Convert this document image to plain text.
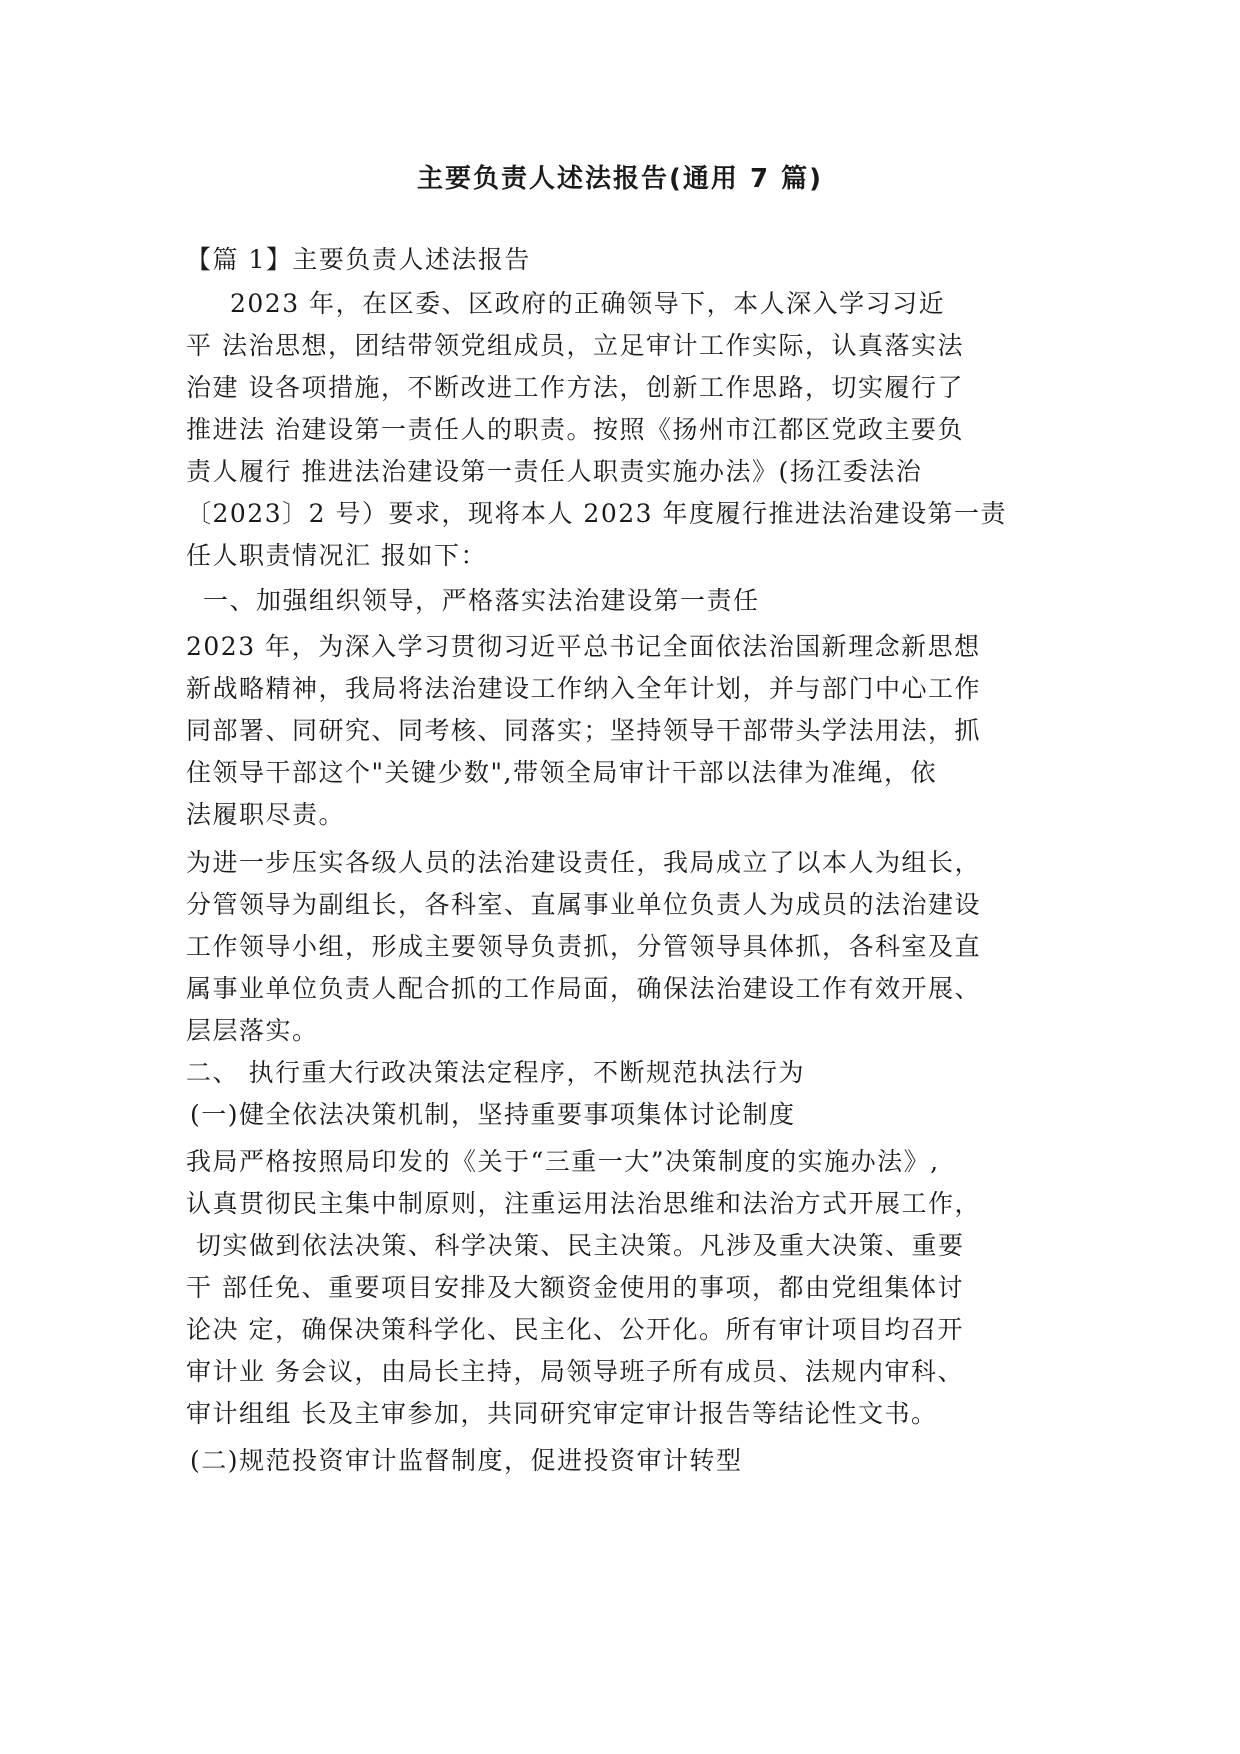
主要负责人述法报告(通用 7 篇)
【篇 1】主要负责人述法报告
2023 年，在区委、区政府的正确领导下，本人深入学习习近
平 法治思想，团结带领党组成员，立足审计工作实际，认真落实法
治建 设各项措施，不断改进工作方法，创新工作思路，切实履行了
推进法 治建设第一责任人的职责。按照《扬州市江都区党政主要负
责人履行 推进法治建设第一责任人职责实施办法》(扬江委法治
〔2023〕2 号）要求，现将本人 2023 年度履行推进法治建设第一责
任人职责情况汇 报如下：
一、加强组织领导，严格落实法治建设第一责任
2023 年，为深入学习贯彻习近平总书记全面依法治国新理念新思想
新战略精神，我局将法治建设工作纳入全年计划，并与部门中心工作
同部署、同研究、同考核、同落实；坚持领导干部带头学法用法，抓
住领导干部这个"关键少数",带领全局审计干部以法律为准绳，依
法履职尽责。
为进一步压实各级人员的法治建设责任，我局成立了以本人为组长，
分管领导为副组长，各科室、直属事业单位负责人为成员的法治建设
工作领导小组，形成主要领导负责抓，分管领导具体抓，各科室及直
属事业单位负责人配合抓的工作局面，确保法治建设工作有效开展、
层层落实。
二、 执行重大行政决策法定程序，不断规范执法行为
(一)健全依法决策机制，坚持重要事项集体讨论制度
我局严格按照局印发的《关于“三重一大”决策制度的实施办法》,
认真贯彻民主集中制原则，注重运用法治思维和法治方式开展工作，
切实做到依法决策、科学决策、民主决策。凡涉及重大决策、重要
干 部任免、重要项目安排及大额资金使用的事项，都由党组集体讨
论决 定，确保决策科学化、民主化、公开化。所有审计项目均召开
审计业 务会议，由局长主持，局领导班子所有成员、法规内审科、
审计组组 长及主审参加，共同研究审定审计报告等结论性文书。
(二)规范投资审计监督制度，促进投资审计转型
